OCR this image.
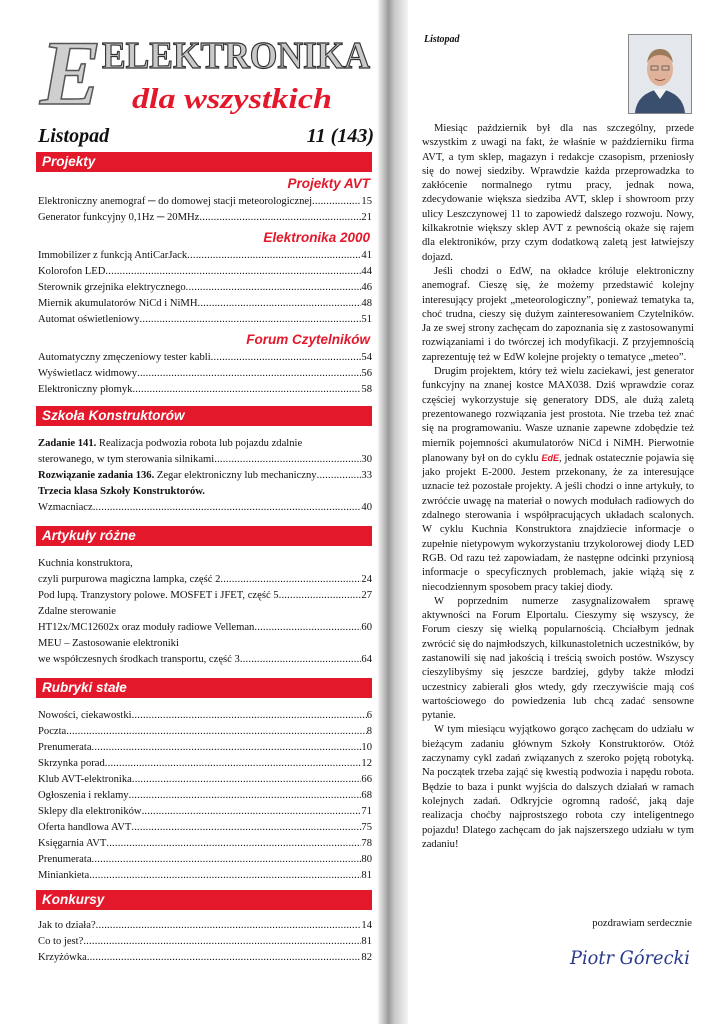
E ELEKTRONIKA
dla wszystkich
Listopad	11 (143)
Projekty
Projekty AVT
Elektroniczny anemograf ─ do domowej stacji meteorologicznej .....	15
Generator funkcyjny 0,1Hz ─ 20MHz .....	21
Elektronika 2000
Immobilizer z funkcją AntiCarJack .....	41
Kolorofon LED .....	44
Sterownik grzejnika elektrycznego .....	46
Miernik akumulatorów NiCd i NiMH .....	48
Automat oświetleniowy .....	51
Forum Czytelników
Automatyczny zmęczeniowy tester kabli .....	54
Wyświetlacz widmowy .....	56
Elektroniczny płomyk .....	58
Szkoła Konstruktorów
Zadanie 141. Realizacja podwozia robota lub pojazdu zdalnie
sterowanego, w tym sterowania silnikami .....	30
Rozwiązanie zadania 136. Zegar elektroniczny lub mechaniczny .....	33
Trzecia klasa Szkoły Konstruktorów.
Wzmacniacz .....	40
Artykuły różne
Kuchnia konstruktora,
czyli purpurowa magiczna lampka, część 2 .....	24
Pod lupą. Tranzystory polowe. MOSFET i JFET, część 5 .....	27
Zdalne sterowanie
HT12x/MC12602x oraz moduły radiowe Velleman .....	60
MEU – Zastosowanie elektroniki
we współczesnych środkach transportu, część 3 .....	64
Rubryki stałe
Nowości, ciekawostki .....	6
Poczta .....	8
Prenumerata .....	10
Skrzynka porad .....	12
Klub AVT-elektronika .....	66
Ogłoszenia i reklamy .....	68
Sklepy dla elektroników .....	71
Oferta handlowa AVT .....	75
Księgarnia AVT .....	78
Prenumerata .....	80
Miniankieta .....	81
Konkursy
Jak to działa? .....	14
Co to jest? .....	81
Krzyżówka .....	82
Listopad

Miesiąc październik był dla nas szczególny, przede wszystkim z uwagi na fakt, że właśnie w październiku firma AVT, a tym sklep, magazyn i redakcje czasopism, przeniosły się do nowej siedziby. Wprawdzie każda przeprowadzka to zakłócenie normalnego rytmu pracy, jednak nowa, zdecydowanie większa siedziba AVT, sklep i showroom przy ulicy Leszczynowej 11 to zapowiedź dalszego rozwoju. Nowy, kilkakrotnie większy sklep AVT z pewnością okaże się rajem dla elektroników, przy czym dodatkową zaletą jest łatwiejszy dojazd.

Jeśli chodzi o EdW, na okładce króluje elektroniczny anemograf. Cieszę się, że możemy przedstawić kolejny interesujący projekt „meteorologiczny”, ponieważ tematyka ta, choć trudna, cieszy się dużym zainteresowaniem Czytelników. Ja ze swej strony zachęcam do zapoznania się z zastosowanymi rozwiązaniami i do twórczej ich modyfikacji. Z przyjemnością zaprezentuję też w EdW kolejne projekty o tematyce „meteo”.

Drugim projektem, który też wielu zaciekawi, jest generator funkcyjny na znanej kostce MAX038. Dziś wprawdzie coraz częściej wykorzystuje się generatory DDS, ale dużą zaletą prezentowanego rozwiązania jest prostota. Nie trzeba też znać się na programowaniu. Wasze uznanie zapewne zdobędzie też miernik pojemności akumulatorów NiCd i NiMH. Pierwotnie planowany był on do cyklu EdE, jednak ostatecznie pojawia się jako projekt E-2000. Jestem przekonany, że za interesujące uznacie też pozostałe projekty. A jeśli chodzi o inne artykuły, to zwróćcie uwagę na materiał o nowych modułach radiowych do zdalnego sterowania i współpracujących układach scalonych. W cyklu Kuchnia Konstruktora znajdziecie informacje o zupełnie nietypowym wykorzystaniu trzykolorowej diody LED RGB. Od razu też zapowiadam, że następne odcinki przyniosą informacje o specyficznych problemach, jakie wiążą się z niecodziennym sposobem pracy takiej diody.

W poprzednim numerze zasygnalizowałem sprawę aktywności na Forum Elportalu. Cieszymy się wszyscy, że Forum cieszy się wielką popularnością. Chciałbym jednak zwrócić się do najmłodszych, kilkunastoletnich uczestników, by zastanowili się nad jakością i treścią swoich postów. Wszyscy cieszylibyśmy się jeszcze bardziej, gdyby także młodzi uczestnicy zabierali głos wtedy, gdy rzeczywiście mają coś wartościowego do powiedzenia lub chcą zadać sensowne pytanie.

W tym miesiącu wyjątkowo gorąco zachęcam do udziału w bieżącym zadaniu głównym Szkoły Konstruktorów. Otóż zaczynamy cykl zadań związanych z szeroko pojętą robotyką. Na początek trzeba zająć się kwestią podwozia i napędu robota. Będzie to baza i punkt wyjścia do dalszych działań w ramach kolejnych zadań. Odkryjcie ogromną radość, jaką daje realizacja choćby najprostszego robota czy inteligentnego pojazdu! Dlatego zachęcam do jak najszerszego udziału w tym zadaniu!

pozdrawiam serdecznie
Piotr Górecki
